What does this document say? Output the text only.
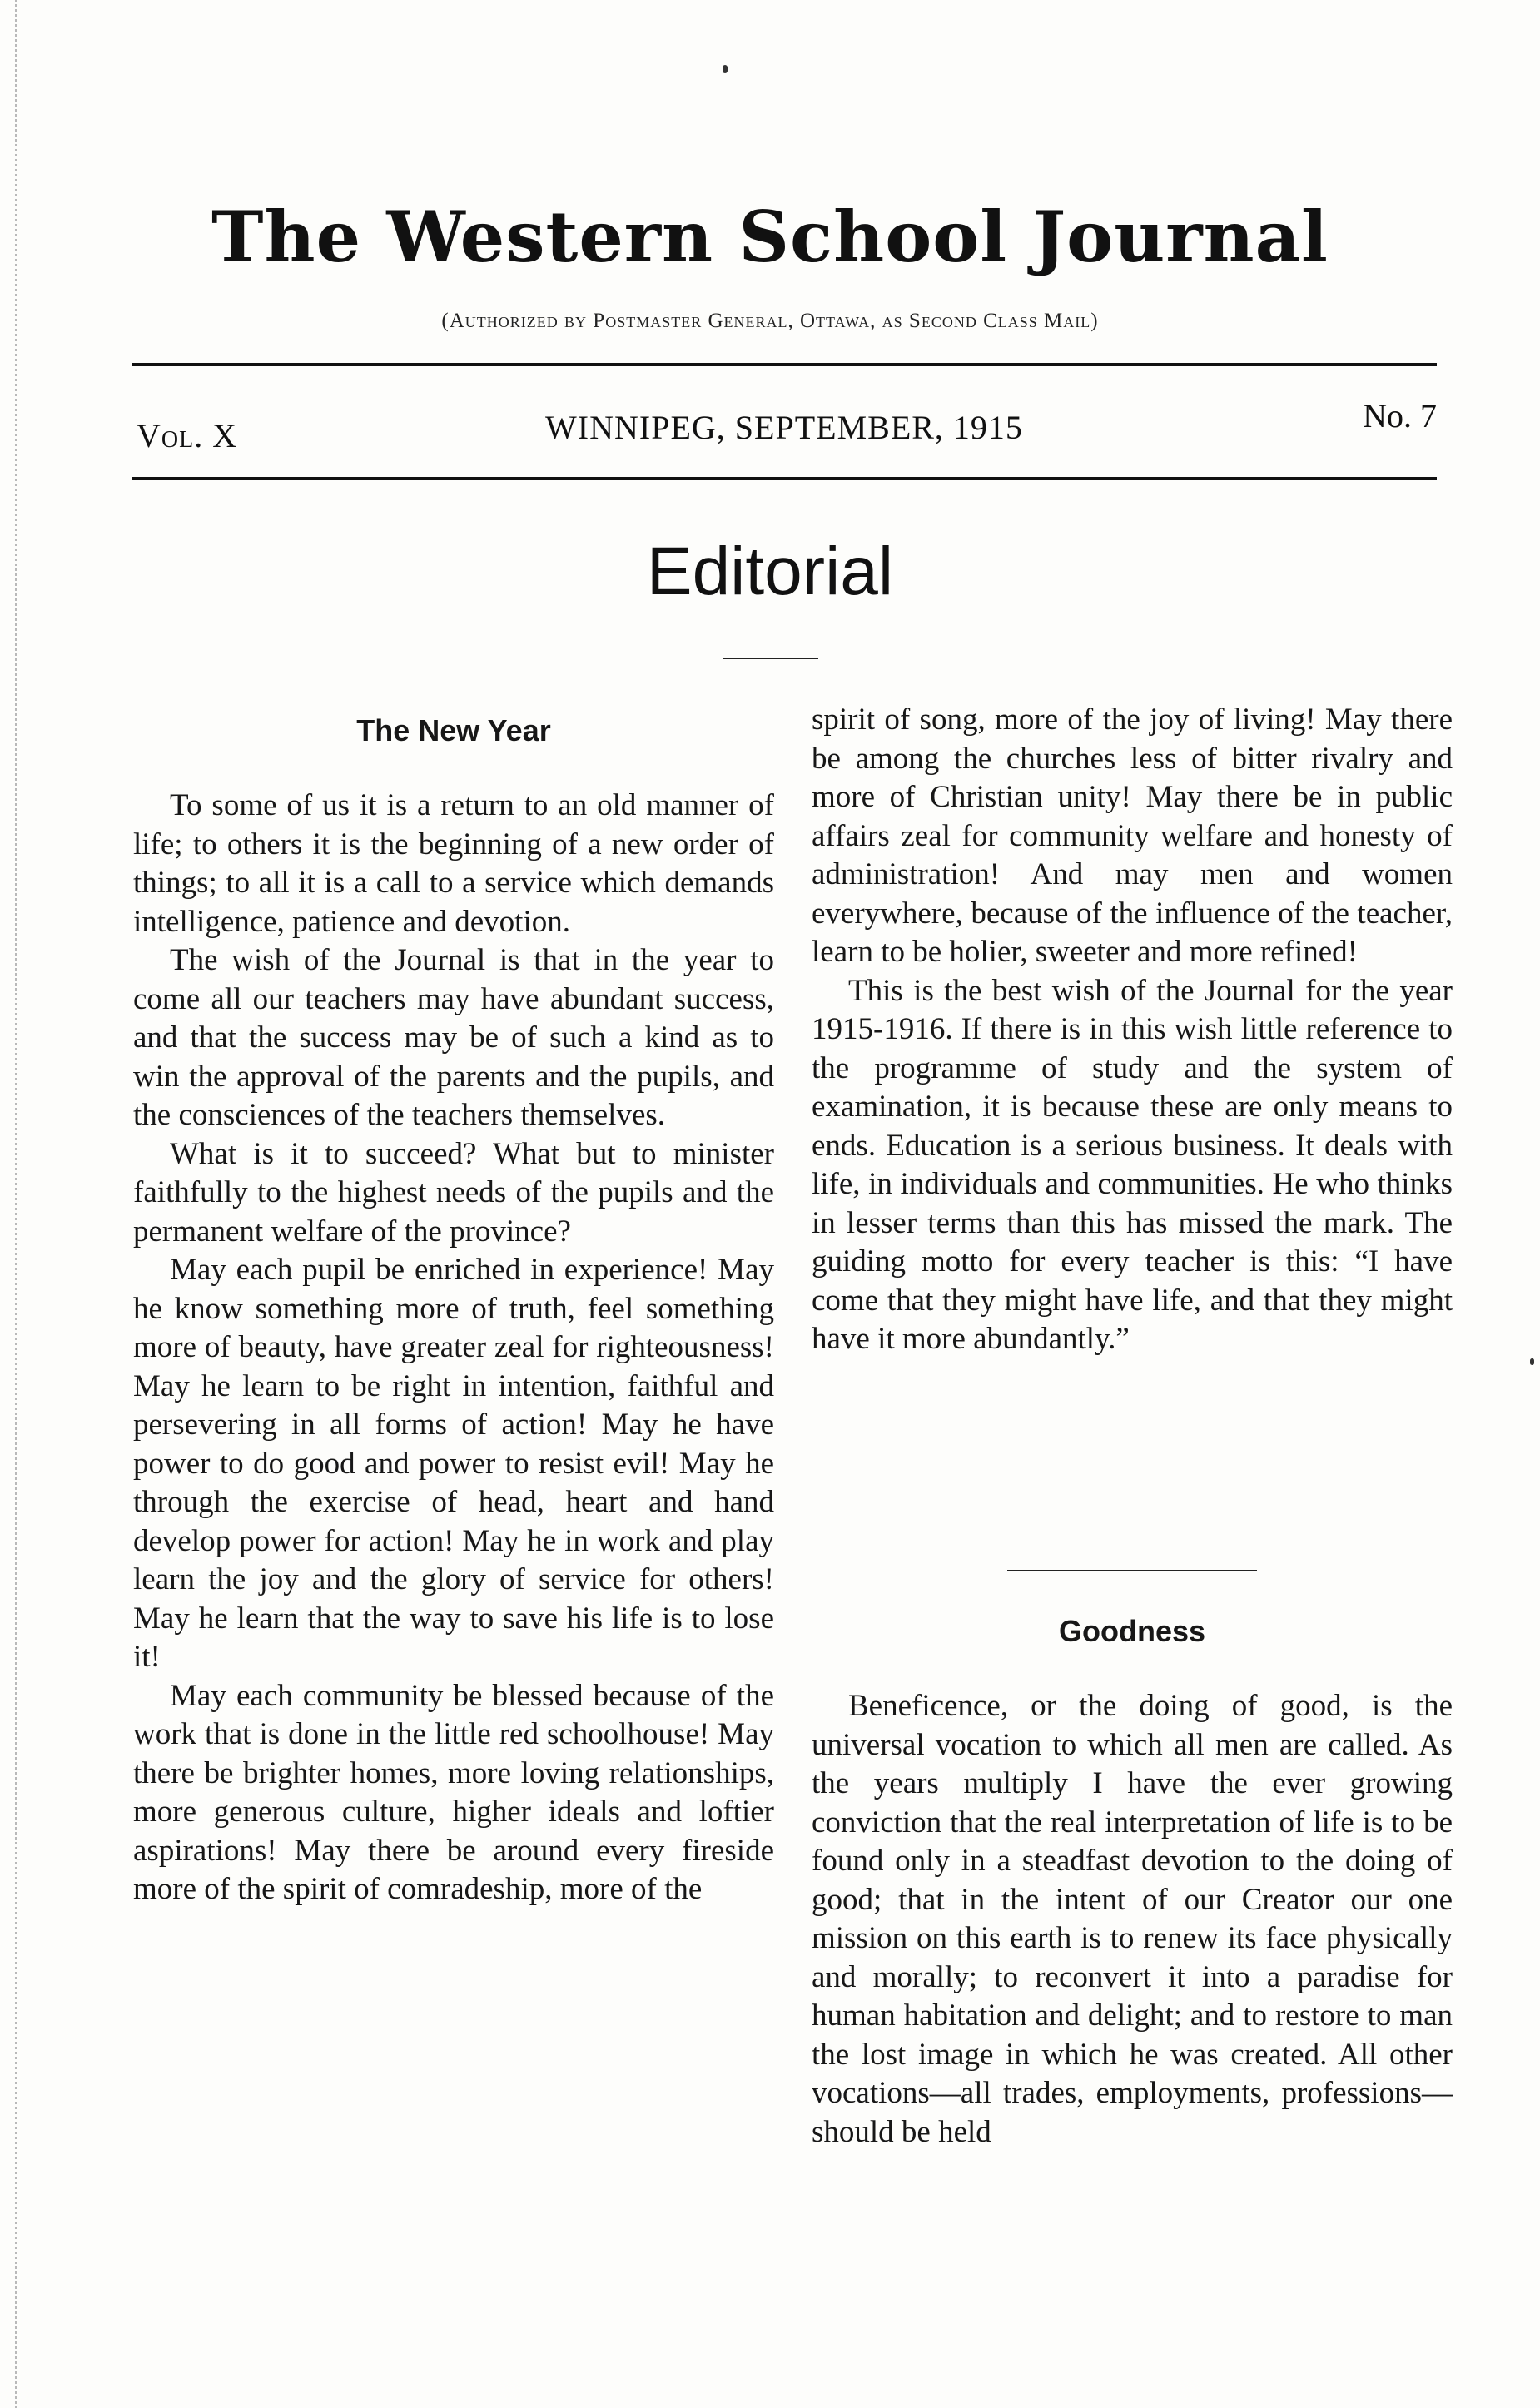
The Western School Journal
(Authorized by Postmaster General, Ottawa, as Second Class Mail)
Vol. X	WINNIPEG, SEPTEMBER, 1915	No. 7
Editorial
The New Year

To some of us it is a return to an old manner of life; to others it is the beginning of a new order of things; to all it is a call to a service which demands intelligence, patience and devotion.

The wish of the Journal is that in the year to come all our teachers may have abundant success, and that the success may be of such a kind as to win the approval of the parents and the pupils, and the consciences of the teachers themselves.

What is it to succeed? What but to minister faithfully to the highest needs of the pupils and the permanent welfare of the province?

May each pupil be enriched in experience! May he know something more of truth, feel something more of beauty, have greater zeal for righteousness! May he learn to be right in intention, faithful and persevering in all forms of action! May he have power to do good and power to resist evil! May he through the exercise of head, heart and hand develop power for action! May he in work and play learn the joy and the glory of service for others! May he learn that the way to save his life is to lose it!

May each community be blessed because of the work that is done in the little red schoolhouse! May there be brighter homes, more loving relationships, more generous culture, higher ideals and loftier aspirations! May there be around every fireside more of the spirit of comradeship, more of the

spirit of song, more of the joy of living! May there be among the churches less of bitter rivalry and more of Christian unity! May there be in public affairs zeal for community welfare and honesty of administration! And may men and women everywhere, because of the influence of the teacher, learn to be holier, sweeter and more refined!

This is the best wish of the Journal for the year 1915-1916. If there is in this wish little reference to the programme of study and the system of examination, it is because these are only means to ends. Education is a serious business. It deals with life, in individuals and communities. He who thinks in lesser terms than this has missed the mark. The guiding motto for every teacher is this: “I have come that they might have life, and that they might have it more abundantly.”

Goodness

Beneficence, or the doing of good, is the universal vocation to which all men are called. As the years multiply I have the ever growing conviction that the real interpretation of life is to be found only in a steadfast devotion to the doing of good; that in the intent of our Creator our one mission on this earth is to renew its face physically and morally; to reconvert it into a paradise for human habitation and delight; and to restore to man the lost image in which he was created. All other vocations—all trades, employments, professions—should be held
